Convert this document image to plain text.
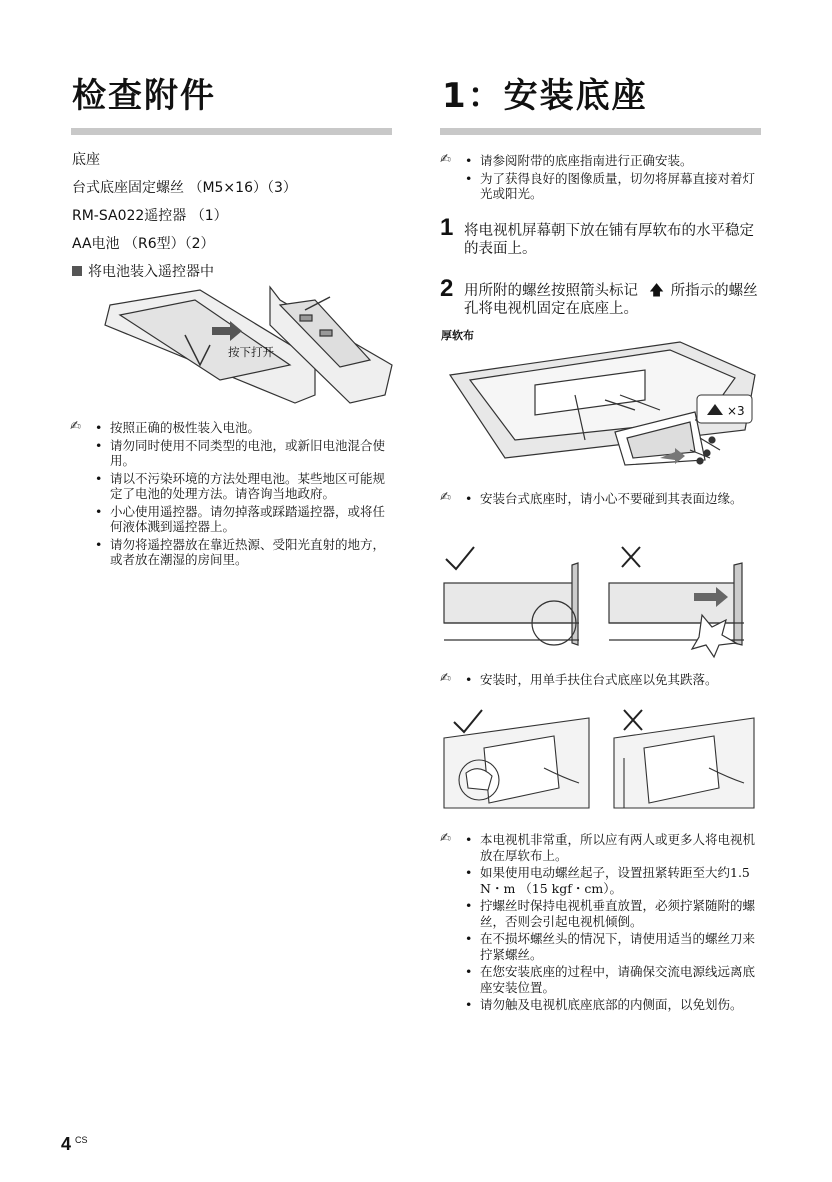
检查附件
底座
台式底座固定螺丝 （M5×16）（3）
RM-SA022遥控器 （1）
AA电池 （R6型）（2）
将电池装入遥控器中
按下打开
✍	• 按照正确的极性装入电池。
• 请勿同时使用不同类型的电池，或新旧电池混合使用。
• 请以不污染环境的方法处理电池。某些地区可能规定了电池的处理方法。请咨询当地政府。
• 小心使用遥控器。请勿掉落或踩踏遥控器，或将任何液体溅到遥控器上。
• 请勿将遥控器放在靠近热源、受阳光直射的地方，或者放在潮湿的房间里。
1：安装底座
✍	• 请参阅附带的底座指南进行正确安装。
• 为了获得良好的图像质量，切勿将屏幕直接对着灯光或阳光。
1 将电视机屏幕朝下放在铺有厚软布的水平稳定的表面上。
2 用所附的螺丝按照箭头标记 🡅 所指示的螺丝孔将电视机固定在底座上。
厚软布
×3
✍	• 安装台式底座时，请小心不要碰到其表面边缘。
✍	• 安装时，用单手扶住台式底座以免其跌落。
✍	• 本电视机非常重，所以应有两人或更多人将电视机放在厚软布上。
• 如果使用电动螺丝起子，设置扭紧转距至大约1.5 N・m （15 kgf・cm）。
• 拧螺丝时保持电视机垂直放置，必须拧紧随附的螺丝，否则会引起电视机倾倒。
• 在不损坏螺丝头的情况下，请使用适当的螺丝刀来拧紧螺丝。
• 在您安装底座的过程中，请确保交流电源线远离底座安装位置。
• 请勿触及电视机底座底部的内侧面，以免划伤。
4 CS
